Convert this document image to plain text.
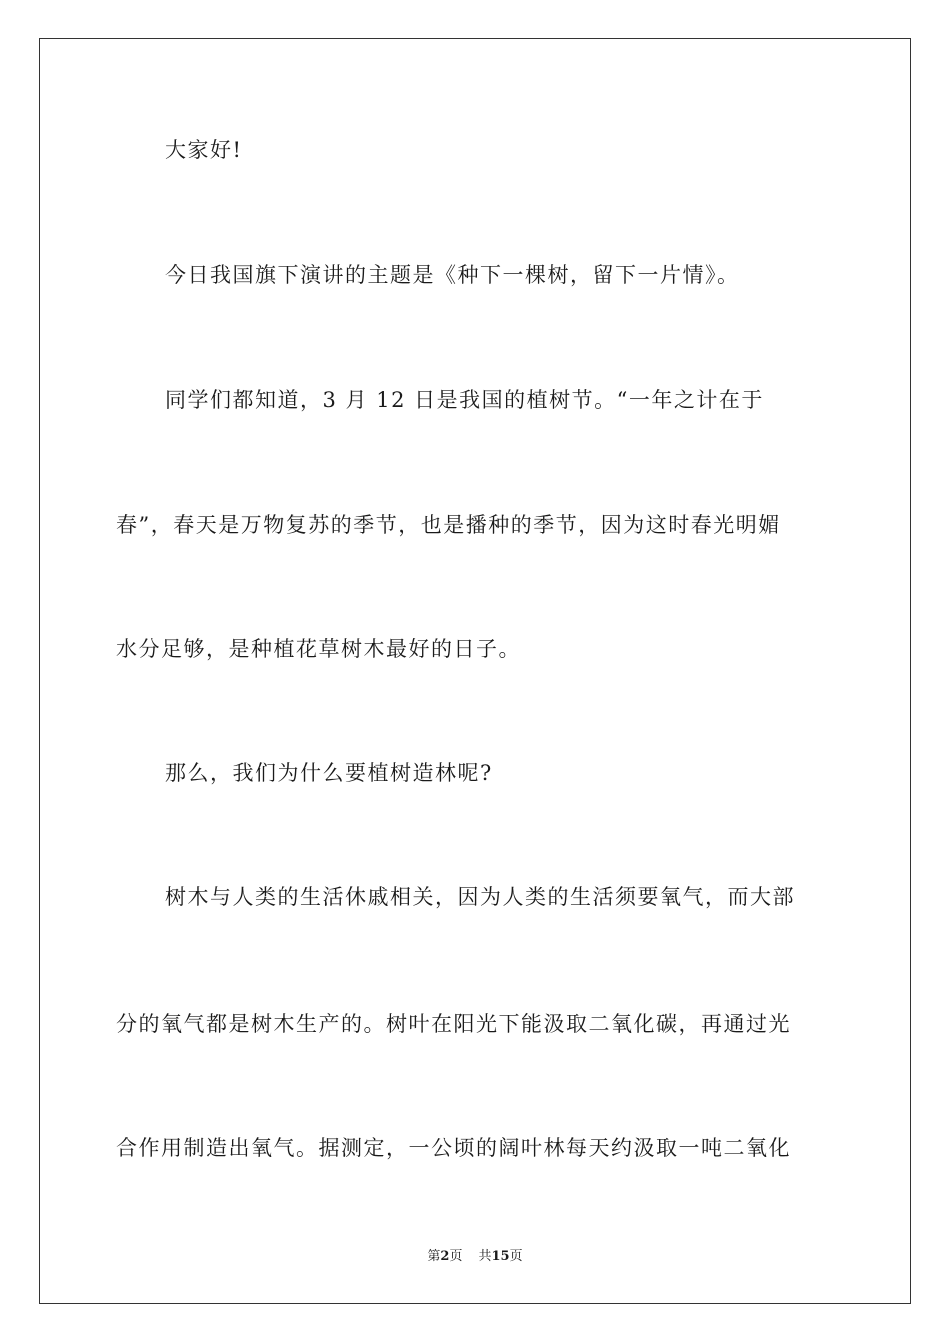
大家好!
今日我国旗下演讲的主题是《种下一棵树，留下一片情》。
同学们都知道，3 月 12 日是我国的植树节。“一年之计在于
春”，春天是万物复苏的季节，也是播种的季节，因为这时春光明媚
水分足够，是种植花草树木最好的日子。
那么，我们为什么要植树造林呢?
树木与人类的生活休戚相关，因为人类的生活须要氧气，而大部
分的氧气都是树木生产的。树叶在阳光下能汲取二氧化碳，再通过光
合作用制造出氧气。据测定，一公顷的阔叶林每天约汲取一吨二氧化
第2页 共15页
